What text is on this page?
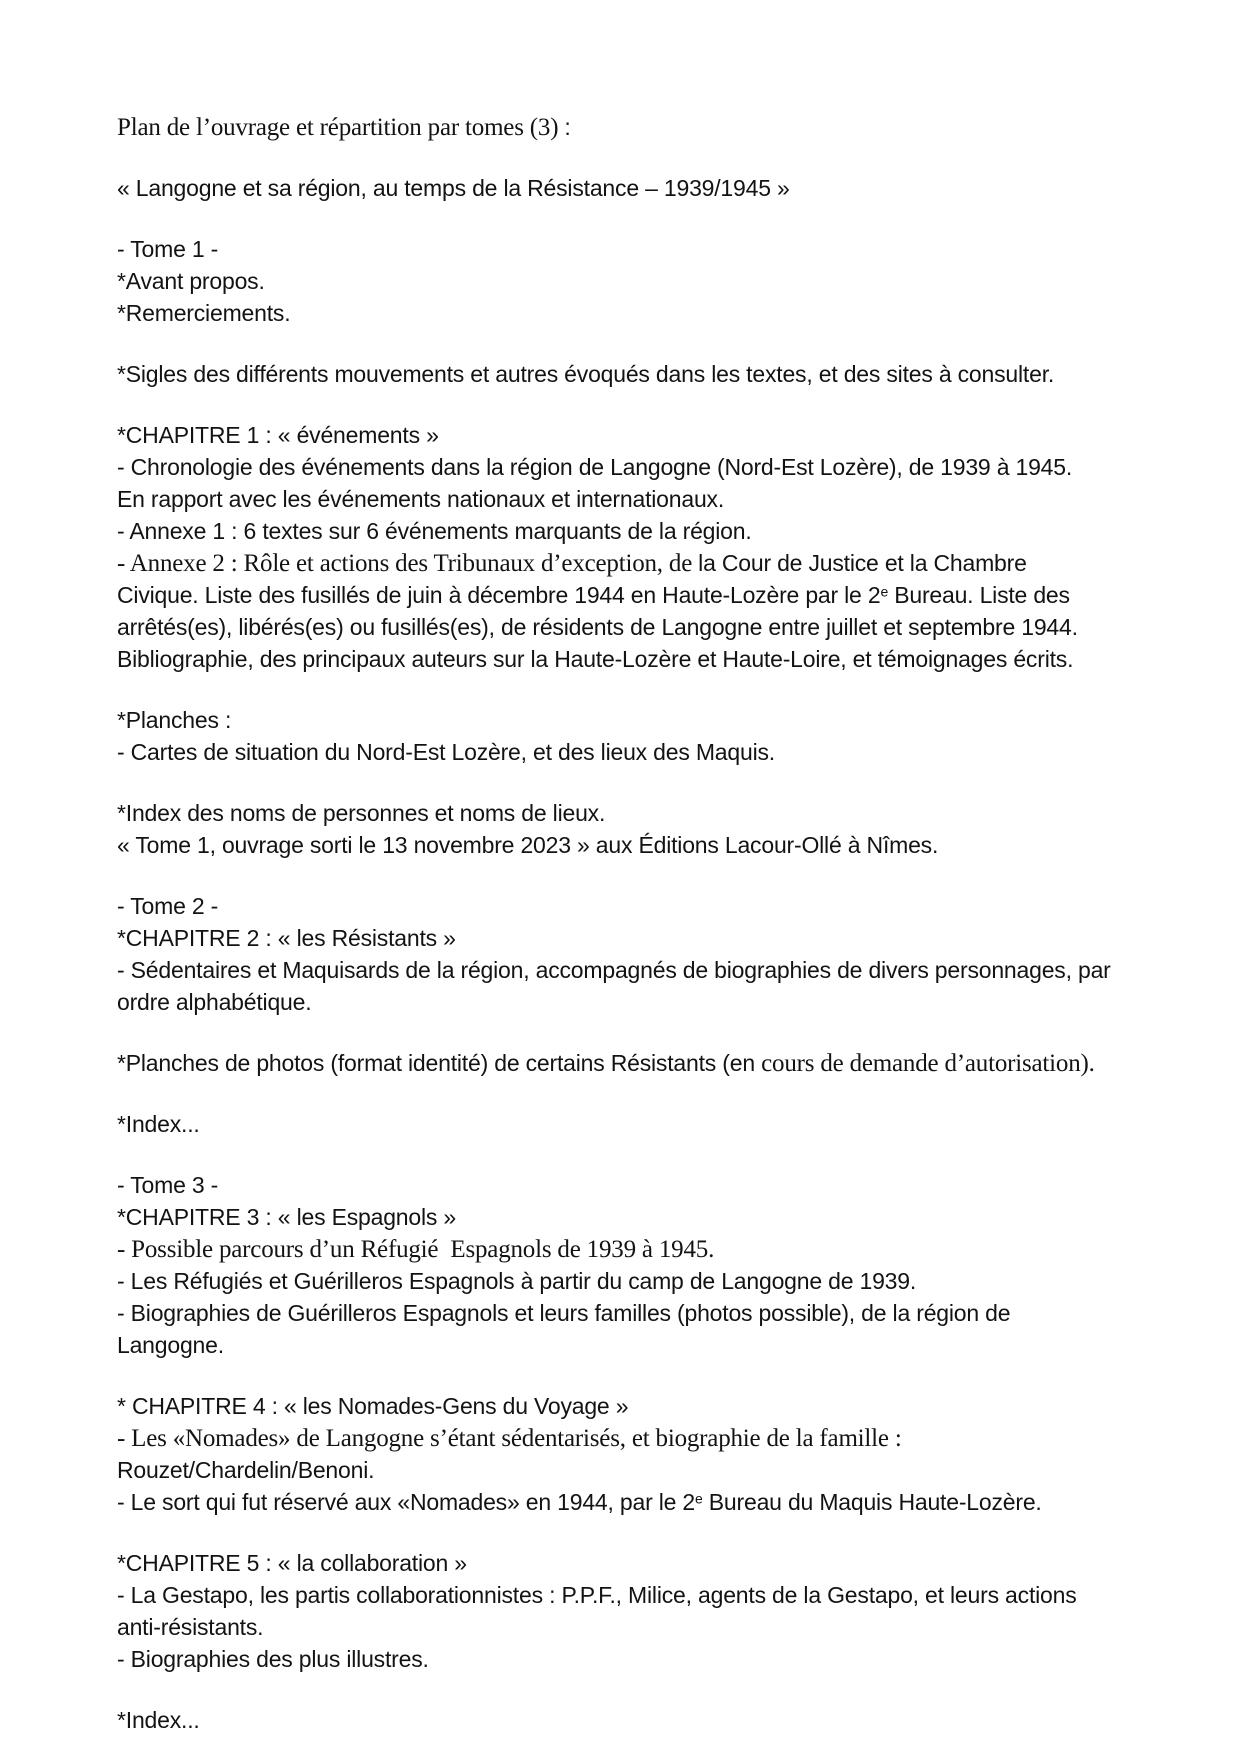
Plan de l’ouvrage et répartition par tomes (3) :
« Langogne et sa région, au temps de la Résistance – 1939/1945 »
- Tome 1 -
*Avant propos.
*Remerciements.
*Sigles des différents mouvements et autres évoqués dans les textes, et des sites à consulter.
*CHAPITRE 1 : « événements »
- Chronologie des événements dans la région de Langogne (Nord-Est Lozère), de 1939 à 1945.
En rapport avec les événements nationaux et internationaux.
- Annexe 1 : 6 textes sur 6 événements marquants de la région.
- Annexe 2 : Rôle et actions des Tribunaux d’exception, de la Cour de Justice et la Chambre
Civique. Liste des fusillés de juin à décembre 1944 en Haute-Lozère par le 2e Bureau. Liste des
arrêtés(es), libérés(es) ou fusillés(es), de résidents de Langogne entre juillet et septembre 1944.
Bibliographie, des principaux auteurs sur la Haute-Lozère et Haute-Loire, et témoignages écrits.
*Planches :
- Cartes de situation du Nord-Est Lozère, et des lieux des Maquis.
*Index des noms de personnes et noms de lieux.
« Tome 1, ouvrage sorti le 13 novembre 2023 » aux Éditions Lacour-Ollé à Nîmes.
- Tome 2 -
*CHAPITRE 2 : « les Résistants »
- Sédentaires et Maquisards de la région, accompagnés de biographies de divers personnages, par
ordre alphabétique.
*Planches de photos (format identité) de certains Résistants (en cours de demande d’autorisation).
*Index...
- Tome 3 -
*CHAPITRE 3 : « les Espagnols »
- Possible parcours d’un Réfugié  Espagnols de 1939 à 1945.
- Les Réfugiés et Guérilleros Espagnols à partir du camp de Langogne de 1939.
- Biographies de Guérilleros Espagnols et leurs familles (photos possible), de la région de
Langogne.
* CHAPITRE 4 : « les Nomades-Gens du Voyage »
- Les «Nomades» de Langogne s’étant sédentarisés, et biographie de la famille :
Rouzet/Chardelin/Benoni.
- Le sort qui fut réservé aux «Nomades» en 1944, par le 2e Bureau du Maquis Haute-Lozère.
*CHAPITRE 5 : « la collaboration »
- La Gestapo, les partis collaborationnistes : P.P.F., Milice, agents de la Gestapo, et leurs actions
anti-résistants.
- Biographies des plus illustres.
*Index...
